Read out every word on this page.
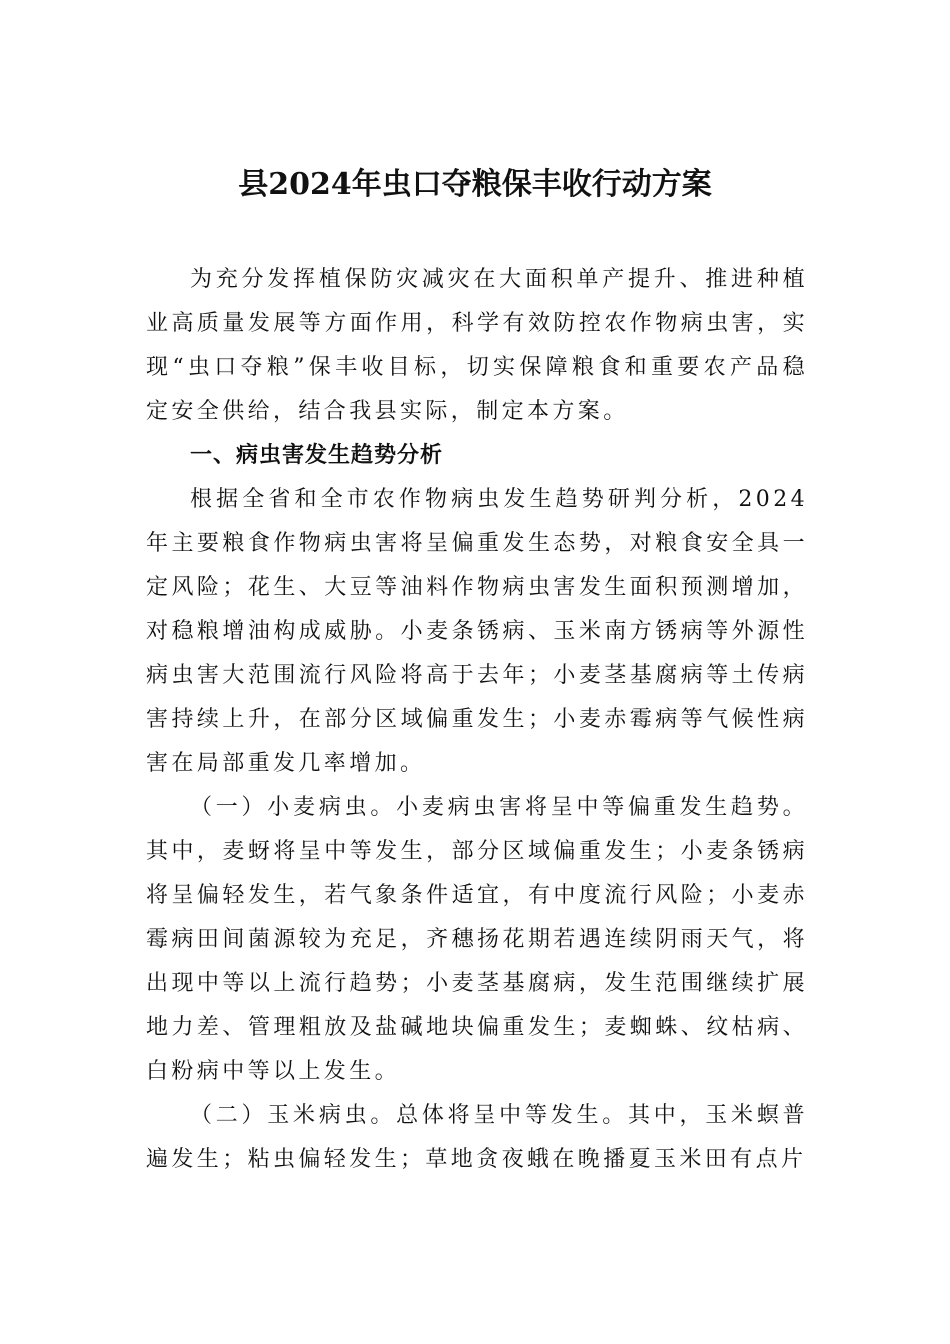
县2024年虫口夺粮保丰收行动方案

为充分发挥植保防灾减灾在大面积单产提升、推进种植业高质量发展等方面作用，科学有效防控农作物病虫害，实现“虫口夺粮”保丰收目标，切实保障粮食和重要农产品稳定安全供给，结合我县实际，制定本方案。

一、病虫害发生趋势分析

根据全省和全市农作物病虫发生趋势研判分析，2024年主要粮食作物病虫害将呈偏重发生态势，对粮食安全具一定风险；花生、大豆等油料作物病虫害发生面积预测增加，对稳粮增油构成威胁。小麦条锈病、玉米南方锈病等外源性病虫害大范围流行风险将高于去年；小麦茎基腐病等土传病害持续上升，在部分区域偏重发生；小麦赤霉病等气候性病害在局部重发几率增加。

（一）小麦病虫。小麦病虫害将呈中等偏重发生趋势。其中，麦蚜将呈中等发生，部分区域偏重发生；小麦条锈病将呈偏轻发生，若气象条件适宜，有中度流行风险；小麦赤霉病田间菌源较为充足，齐穗扬花期若遇连续阴雨天气，将出现中等以上流行趋势；小麦茎基腐病，发生范围继续扩展地力差、管理粗放及盐碱地块偏重发生；麦蜘蛛、纹枯病、白粉病中等以上发生。

（二）玉米病虫。总体将呈中等发生。其中，玉米螟普遍发生；粘虫偏轻发生；草地贪夜蛾在晚播夏玉米田有点片
